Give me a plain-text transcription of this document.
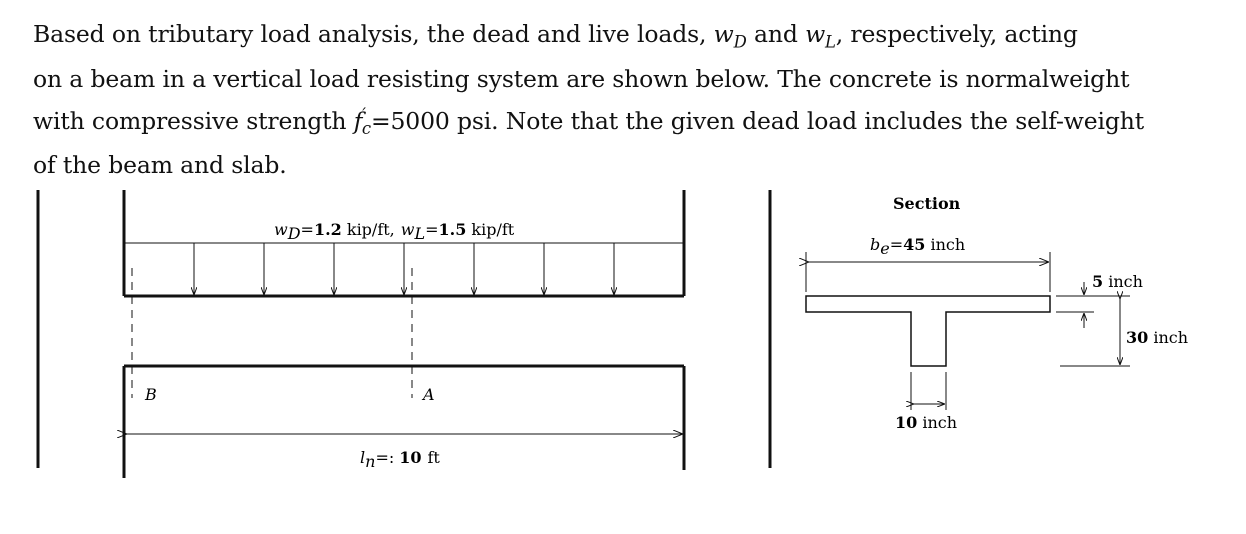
Based on tributary load analysis, the dead and live loads, $w_D$ and $w_L$, respectively, acting
on a beam in a vertical load resisting system are shown below. The concrete is normalweight
with compressive strength $f'_c=5000$ psi. Note that the given dead load includes the self-weight
of the beam and slab.
wD=1.2 kip/ft, wL=1.5 kip/ft
B	A
ln=: 10 ft
Section
be=45 inch
10 inch
5 inch
30 inch
